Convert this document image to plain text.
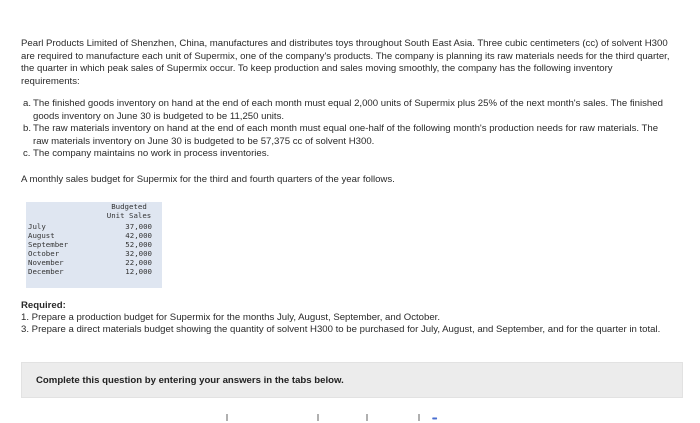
Pearl Products Limited of Shenzhen, China, manufactures and distributes toys throughout South East Asia. Three cubic centimeters (cc) of solvent H300 are required to manufacture each unit of Supermix, one of the company's products. The company is planning its raw materials needs for the third quarter, the quarter in which peak sales of Supermix occur. To keep production and sales moving smoothly, the company has the following inventory requirements:
a. The finished goods inventory on hand at the end of each month must equal 2,000 units of Supermix plus 25% of the next month's sales. The finished goods inventory on June 30 is budgeted to be 11,250 units.
b. The raw materials inventory on hand at the end of each month must equal one-half of the following month's production needs for raw materials. The raw materials inventory on June 30 is budgeted to be 57,375 cc of solvent H300.
c. The company maintains no work in process inventories.
A monthly sales budget for Supermix for the third and fourth quarters of the year follows.
Budgeted
Unit Sales
July	37,000
August	42,000
September	52,000
October	32,000
November	22,000
December	12,000
Required:
1. Prepare a production budget for Supermix for the months July, August, September, and October.
3. Prepare a direct materials budget showing the quantity of solvent H300 to be purchased for July, August, and September, and for the quarter in total.
Complete this question by entering your answers in the tabs below.
•••
